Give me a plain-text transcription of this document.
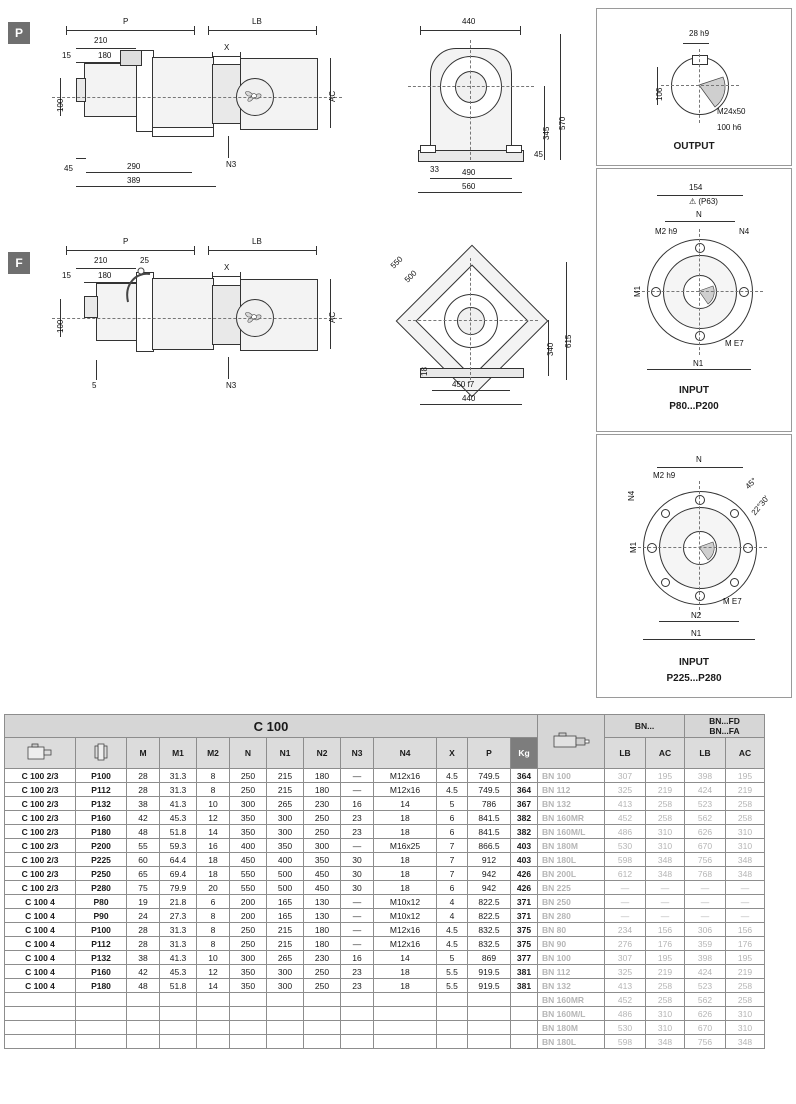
P
P	LB
210
180
15
X
100
AC
45	290
389
N3
F
P	LB
210	25
180
15
X
100
AC
5	N3
440
570
345
45
33	490
560
550
500
615
340
18
450 f7
440
28 h9
106
M24x50
100 h6
OUTPUT
154
⚠ (P63)
N
M2 h9	N4
M1
M E7
N1
INPUT
P80...P200
N
M2 h9
N4
45°
22°30'
M1
M E7
N2
N1
INPUT
P225...P280
C 100														BN...		BN...FD
BN...FA	

		M	M1	M2	N	N1	N2	N3	N4	X	P	Kg		LB	AC	LB	AC
C 100 2/3	P100	28	31.3	8	250	215	180	—	M12x16	4.5	749.5	364	BN 100	307	195	398	195
C 100 2/3	P112	28	31.3	8	250	215	180	—	M12x16	4.5	749.5	364	BN 112	325	219	424	219
C 100 2/3	P132	38	41.3	10	300	265	230	16	14	5	786	367	BN 132	413	258	523	258
C 100 2/3	P160	42	45.3	12	350	300	250	23	18	6	841.5	382	BN 160MR	452	258	562	258
C 100 2/3	P180	48	51.8	14	350	300	250	23	18	6	841.5	382	BN 160M/L	486	310	626	310
C 100 2/3	P200	55	59.3	16	400	350	300	—	M16x25	7	866.5	403	BN 180M	530	310	670	310
C 100 2/3	P225	60	64.4	18	450	400	350	30	18	7	912	403	BN 180L	598	348	756	348
C 100 2/3	P250	65	69.4	18	550	500	450	30	18	7	942	426	BN 200L	612	348	768	348
C 100 2/3	P280	75	79.9	20	550	500	450	30	18	6	942	426	BN 225	—	—	—	—
C 100 4	P80	19	21.8	6	200	165	130	—	M10x12	4	822.5	371	BN 250	—	—	—	—
C 100 4	P90	24	27.3	8	200	165	130	—	M10x12	4	822.5	371	BN 280	—	—	—	—
C 100 4	P100	28	31.3	8	250	215	180	—	M12x16	4.5	832.5	375	BN 80	234	156	306	156
C 100 4	P112	28	31.3	8	250	215	180	—	M12x16	4.5	832.5	375	BN 90	276	176	359	176
C 100 4	P132	38	41.3	10	300	265	230	16	14	5	869	377	BN 100	307	195	398	195
C 100 4	P160	42	45.3	12	350	300	250	23	18	5.5	919.5	381	BN 112	325	219	424	219
C 100 4	P180	48	51.8	14	350	300	250	23	18	5.5	919.5	381	BN 132	413	258	523	258
													BN 160MR	452	258	562	258
													BN 160M/L	486	310	626	310
													BN 180M	530	310	670	310
													BN 180L	598	348	756	348
